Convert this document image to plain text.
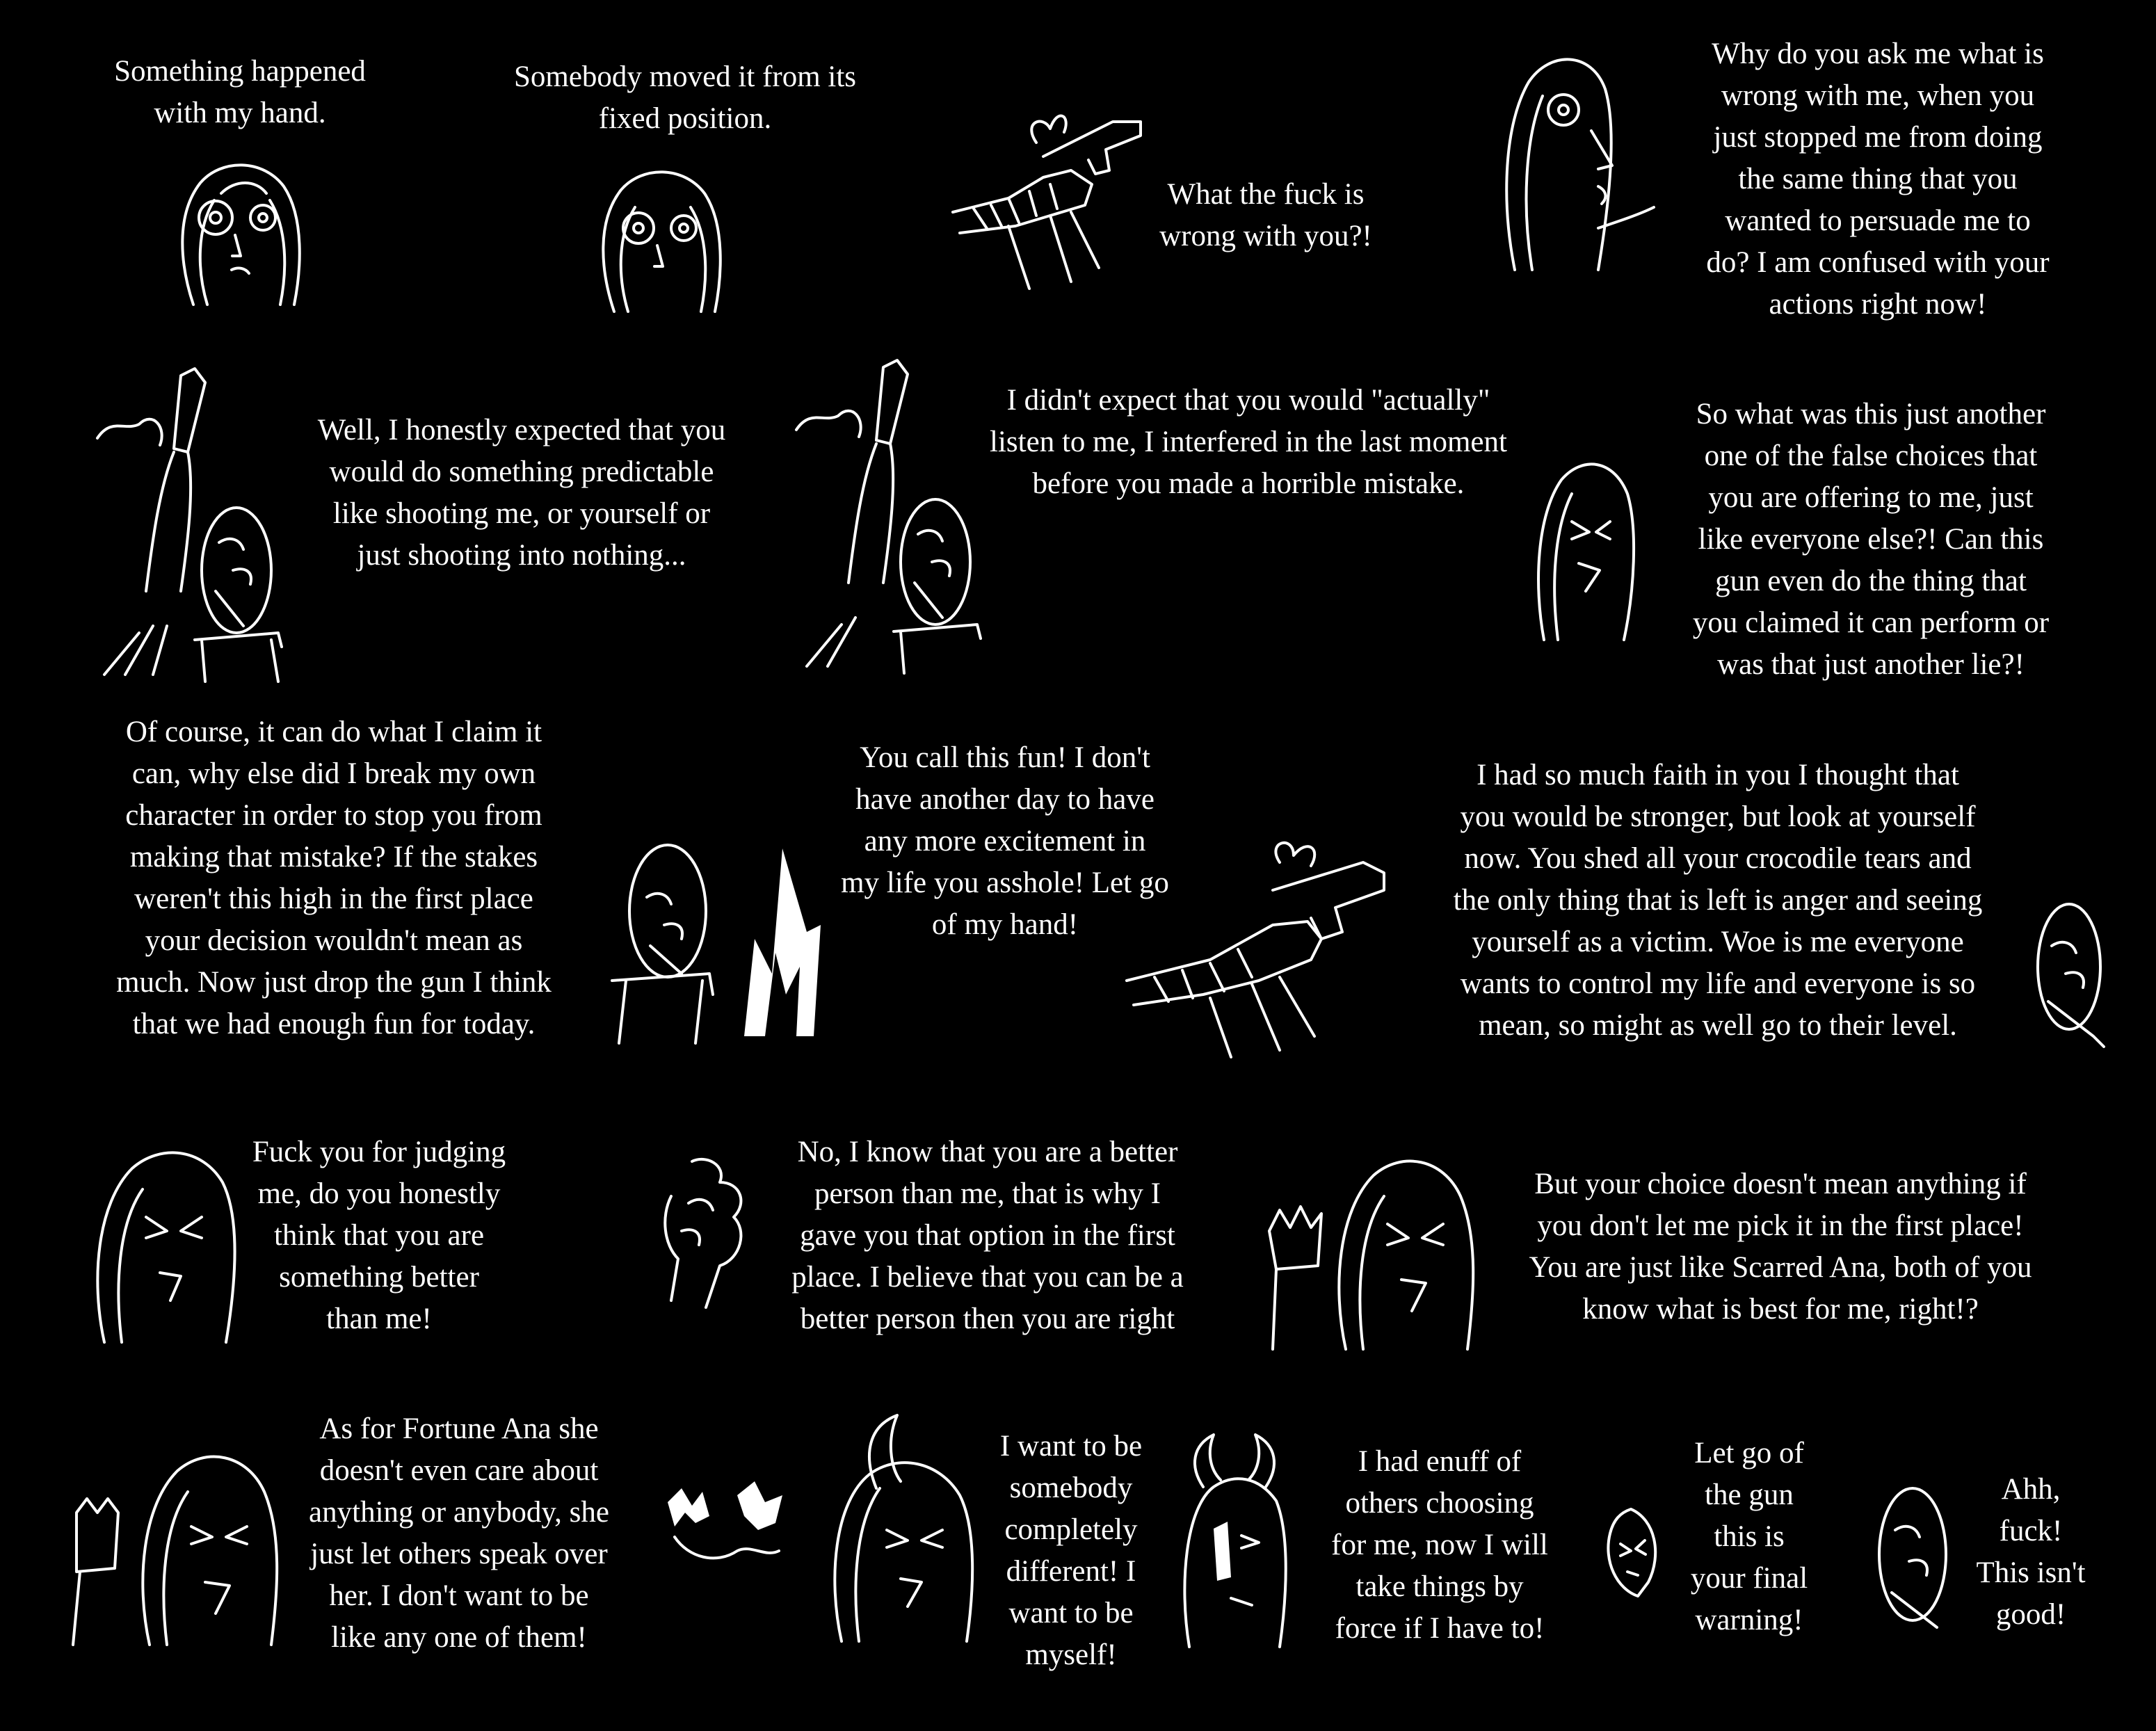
Something happened
with my hand.

Somebody moved it from its
fixed position.

What the fuck is
wrong with you?!

Why do you ask me what is
wrong with me, when you
just stopped me from doing
the same thing that you
wanted to persuade me to
do? I am confused with your
actions right now!

Well, I honestly expected that you
would do something predictable
like shooting me, or yourself or
just shooting into nothing...

I didn't expect that you would "actually"
listen to me, I interfered in the last moment
before you made a horrible mistake.

So what was this just another
one of the false choices that
you are offering to me, just
like everyone else?! Can this
gun even do the thing that
you claimed it can perform or
was that just another lie?!

Of course, it can do what I claim it
can, why else did I break my own
character in order to stop you from
making that mistake? If the stakes
weren't this high in the first place
your decision wouldn't mean as
much. Now just drop the gun I think
that we had enough fun for today.

You call this fun! I don't
have another day to have
any more excitement in
my life you asshole! Let go
of my hand!

I had so much faith in you I thought that
you would be stronger, but look at yourself
now. You shed all your crocodile tears and
the only thing that is left is anger and seeing
yourself as a victim. Woe is me everyone
wants to control my life and everyone is so
mean, so might as well go to their level.

Fuck you for judging
me, do you honestly
think that you are
something better
than me!

No, I know that you are a better
person than me, that is why I
gave you that option in the first
place. I believe that you can be a
better person then you are right

But your choice doesn't mean anything if
you don't let me pick it in the first place!
You are just like Scarred Ana, both of you
know what is best for me, right!?

As for Fortune Ana she
doesn't even care about
anything or anybody, she
just let others speak over
her. I don't want to be
like any one of them!

I want to be
somebody
completely
different! I
want to be
myself!

I had enuff of
others choosing
for me, now I will
take things by
force if I have to!

Let go of
the gun
this is
your final
warning!

Ahh,
fuck!
This isn't
good!
